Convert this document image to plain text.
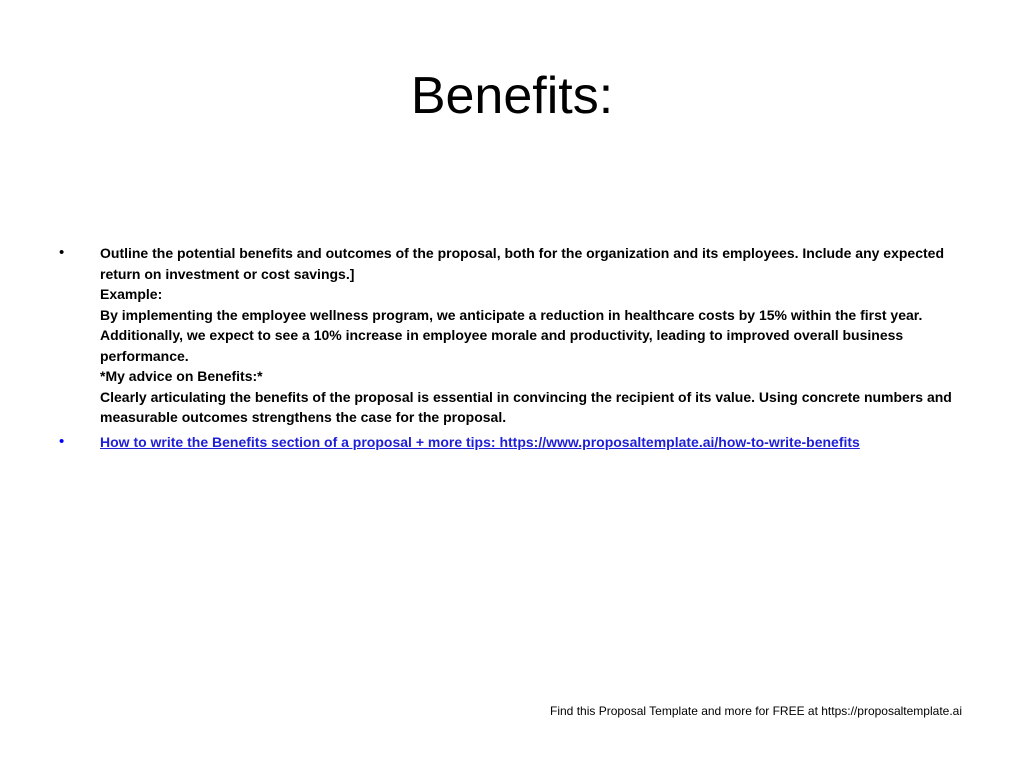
Benefits:
•	Outline the potential benefits and outcomes of the proposal, both for the organization and its employees. Include any expected return on investment or cost savings.]
Example:
By implementing the employee wellness program, we anticipate a reduction in healthcare costs by 15% within the first year. Additionally, we expect to see a 10% increase in employee morale and productivity, leading to improved overall business performance.
*My advice on Benefits:*
Clearly articulating the benefits of the proposal is essential in convincing the recipient of its value. Using concrete numbers and measurable outcomes strengthens the case for the proposal.
•	How to write the Benefits section of a proposal + more tips: https://www.proposaltemplate.ai/how-to-write-benefits
Find this Proposal Template and more for FREE at https://proposaltemplate.ai
